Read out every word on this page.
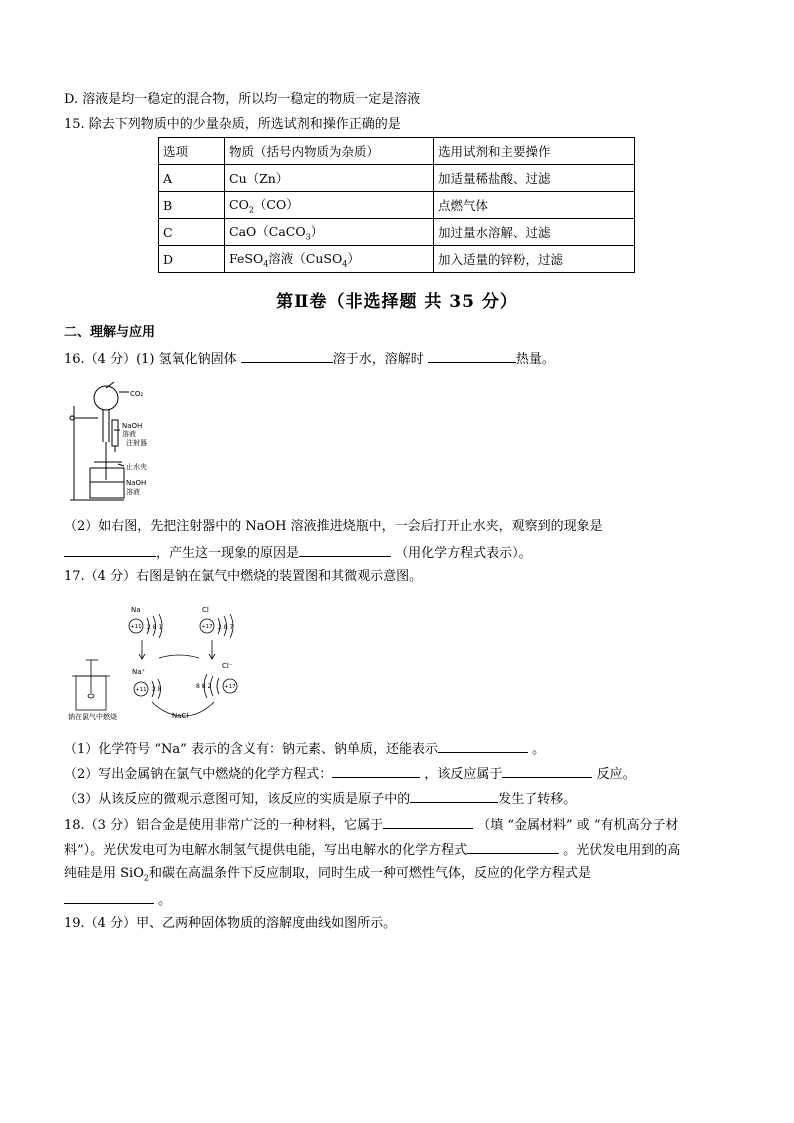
D. 溶液是均一稳定的混合物，所以均一稳定的物质一定是溶液
15. 除去下列物质中的少量杂质，所选试剂和操作正确的是
选项	物质（括号内物质为杂质）	选用试剂和主要操作
A	Cu（Zn）	加适量稀盐酸、过滤
B	$CO_2(CO)$	点燃气体
C	CaO（CaCO$_3$）	加过量水溶解、过滤
D	FeSO$_4$溶液（CuSO$_4$）	加入适量的锌粉，过滤
第Ⅱ卷（非选择题 共 35 分）
二、理解与应用
16.（4 分）(1) 氢氧化钠固体	溶于水，溶解时	热量。
CO₂
NaOH
溶液
注射器
止水夹
NaOH
溶液
（2）如右图，先把注射器中的 NaOH 溶液推进烧瓶中，一会后打开止水夹，观察到的现象是
，产生这一现象的原因是	（用化学方程式表示）。
17.（4 分）右图是钠在氯气中燃烧的装置图和其微观示意图。
Na
+11 2 8 1
Cl
+17 2 8 7
Na⁺
+11 2 8
Cl⁻
+17
8 8 2
NaCl
钠在氯气中燃烧
（1）化学符号 “Na” 表示的含义有：钠元素、钠单质，还能表示	。
（2）写出金属钠在氯气中燃烧的化学方程式：	，该反应属于	反应。
（3）从该反应的微观示意图可知，该反应的实质是原子中的	发生了转移。
18.（3 分）铝合金是使用非常广泛的一种材料，它属于	（填 “金属材料” 或 “有机高分子材
料”）。光伏发电可为电解水制氢气提供电能，写出电解水的化学方程式	。光伏发电用到的高
纯硅是用 SiO$_2$和碳在高温条件下反应制取，同时生成一种可燃性气体，反应的化学方程式是
。
19.（4 分）甲、乙两种固体物质的溶解度曲线如图所示。
